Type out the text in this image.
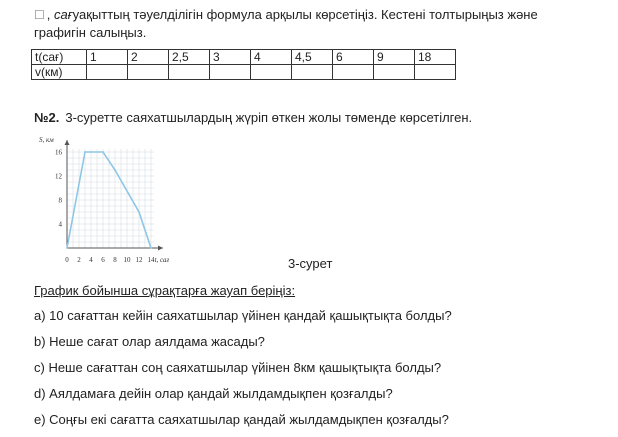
☐ , сағуақыттың тәуелділігін формула арқылы көрсетіңіз. Кестені толтырыңыз және
графигін салыңыз.
t(сағ)	1	2	2,5	3	4	4,5	6	9	18
v(км)									
№2. 3-суретте саяхатшылардың жүріп өткен жолы төменде көрсетілген.
0 2 4 6 8 10 12 14
4
8
12
16
S, км
t, сағ	3-сурет
График бойынша сұрақтарға жауап беріңіз:
a) 10 сағаттан кейін саяхатшылар үйінен қандай қашықтықта болды?
b) Неше сағат олар аялдама жасады?
c) Неше сағаттан соң саяхатшылар үйінен 8км қашықтықта болды?
d) Аялдамаға дейін олар қандай жылдамдықпен қозғалды?
e) Соңғы екі сағатта саяхатшылар қандай жылдамдықпен қозғалды?
